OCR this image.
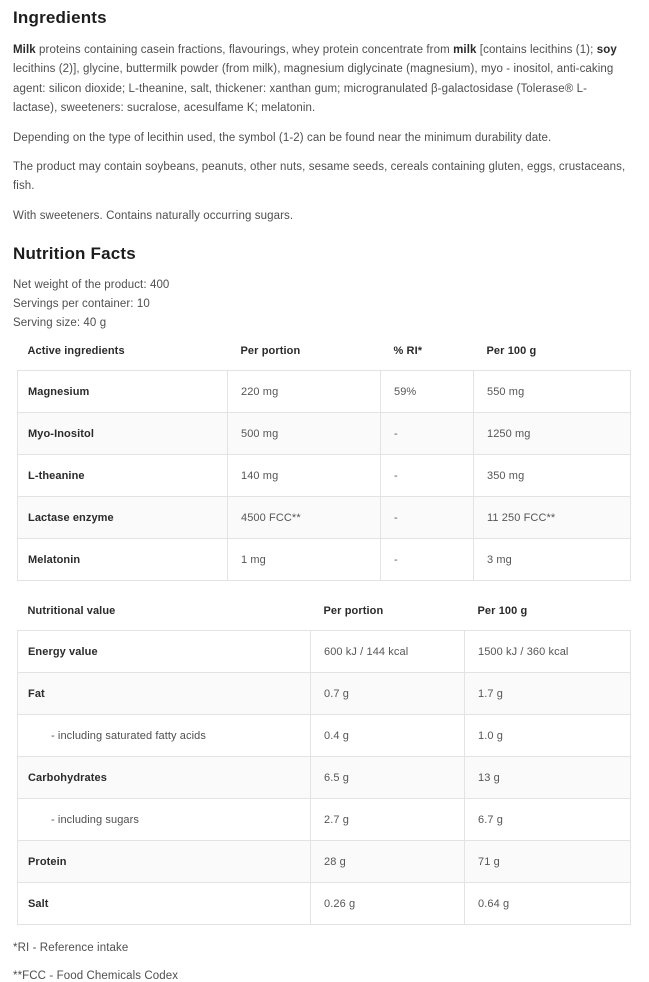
Ingredients

Milk proteins containing casein fractions, flavourings, whey protein concentrate from milk [contains lecithins (1); soy lecithins (2)], glycine, buttermilk powder (from milk), magnesium diglycinate (magnesium), myo - inositol, anti-caking agent: silicon dioxide; L-theanine, salt, thickener: xanthan gum; microgranulated β-galactosidase (Tolerase® L-lactase), sweeteners: sucralose, acesulfame K; melatonin.

Depending on the type of lecithin used, the symbol (1-2) can be found near the minimum durability date.

The product may contain soybeans, peanuts, other nuts, sesame seeds, cereals containing gluten, eggs, crustaceans, fish.

With sweeteners. Contains naturally occurring sugars.

Nutrition Facts
Net weight of the product: 400
Servings per container: 10
Serving size: 40 g
Active ingredients	Per portion	% RI*	Per 100 g
Magnesium	220 mg	59%	550 mg
Myo-Inositol	500 mg	-	1250 mg
L-theanine	140 mg	-	350 mg
Lactase enzyme	4500 FCC**	-	11 250 FCC**
Melatonin	1 mg	-	3 mg
Nutritional value	Per portion	Per 100 g
Energy value	600 kJ / 144 kcal	1500 kJ / 360 kcal
Fat	0.7 g	1.7 g
- including saturated fatty acids	0.4 g	1.0 g
Carbohydrates	6.5 g	13 g
- including sugars	2.7 g	6.7 g
Protein	28 g	71 g
Salt	0.26 g	0.64 g
*RI - Reference intake
**FCC - Food Chemicals Codex
